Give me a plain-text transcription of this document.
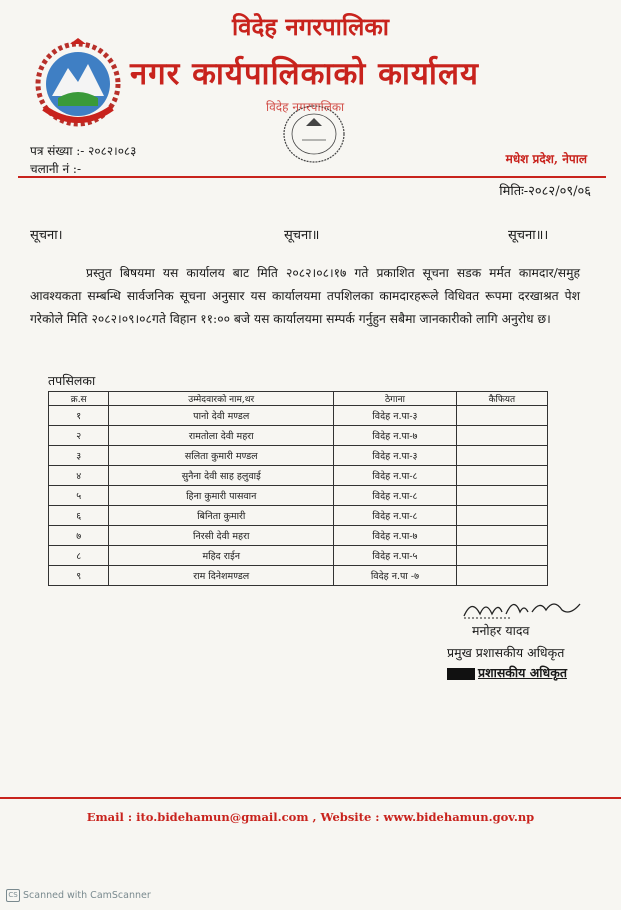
विदेह नगरपालिका
नगर कार्यपालिकाको कार्यालय
विदेह नगरपालिका
पत्र संख्या :- २०८२।०८३
चलानी नं :-
मधेश प्रदेश, नेपाल
मितिः-२०८२/०९/०६
सूचना।	सूचना॥	सूचना॥।
प्रस्तुत बिषयमा यस कार्यालय बाट मिति २०८२।०८।१७ गते प्रकाशित सूचना सडक मर्मत कामदार/समुह आवश्यकता सम्बन्धि सार्वजनिक सूचना अनुसार यस कार्यालयमा तपशिलका कामदारहरूले विधिवत रूपमा दरखाश्रत पेश गरेकोले मिति २०८२।०९।०८गते विहान ११:०० बजे यस कार्यालयमा सम्पर्क गर्नुहुन सबैमा जानकारीको लागि अनुरोध छ।
तपसिलका
क्र.स	उम्मेदवारको नाम,थर	ठेगाना	कैफियत
१	पानो देवी मण्डल	विदेह न.पा-३	
२	रामतोला देवी महरा	विदेह न.पा-७	
३	सलिता कुमारी मण्डल	विदेह न.पा-३	
४	सुनैना देवी साह हलुवाई	विदेह न.पा-८	
५	हिना कुमारी पासवान	विदेह न.पा-८	
६	बिनिता कुमारी	विदेह न.पा-८	
७	निरसी देवी महरा	विदेह न.पा-७	
८	महिद राईन	विदेह न.पा-५	
९	राम दिनेशमण्डल	विदेह न.पा -७	
मनोहर यादव
प्रमुख प्रशासकीय अधिकृत
प्रशासकीय अधिकृत
Email : ito.bidehamun@gmail.com , Website : www.bidehamun.gov.np
CS Scanned with CamScanner
